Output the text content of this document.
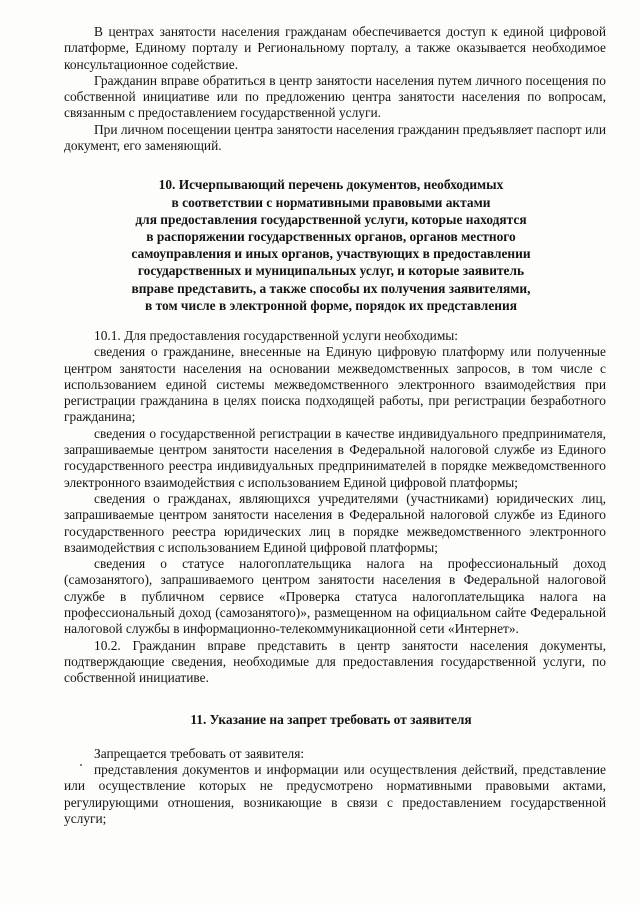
В центрах занятости населения гражданам обеспечивается доступ к единой цифровой платформе, Единому порталу и Региональному порталу, а также оказывается необходимое консультационное содействие.

Гражданин вправе обратиться в центр занятости населения путем личного посещения по собственной инициативе или по предложению центра занятости населения по вопросам, связанным с предоставлением государственной услуги.

При личном посещении центра занятости населения гражданин предъявляет паспорт или документ, его заменяющий.

10. Исчерпывающий перечень документов, необходимых
в соответствии с нормативными правовыми актами
для предоставления государственной услуги, которые находятся
в распоряжении государственных органов, органов местного
самоуправления и иных органов, участвующих в предоставлении
государственных и муниципальных услуг, и которые заявитель
вправе представить, а также способы их получения заявителями,
в том числе в электронной форме, порядок их представления

10.1. Для предоставления государственной услуги необходимы:

сведения о гражданине, внесенные на Единую цифровую платформу или полученные центром занятости населения на основании межведомственных запросов, в том числе с использованием единой системы межведомственного электронного взаимодействия при регистрации гражданина в целях поиска подходящей работы, при регистрации безработного гражданина;

сведения о государственной регистрации в качестве индивидуального предпринимателя, запрашиваемые центром занятости населения в Федеральной налоговой службе из Единого государственного реестра индивидуальных предпринимателей в порядке межведомственного электронного взаимодействия с использованием Единой цифровой платформы;

сведения о гражданах, являющихся учредителями (участниками) юридических лиц, запрашиваемые центром занятости населения в Федеральной налоговой службе из Единого государственного реестра юридических лиц в порядке межведомственного электронного взаимодействия с использованием Единой цифровой платформы;

сведения о статусе налогоплательщика налога на профессиональный доход (самозанятого), запрашиваемого центром занятости населения в Федеральной налоговой службе в публичном сервисе «Проверка статуса налогоплательщика налога на профессиональный доход (самозанятого)», размещенном на официальном сайте Федеральной налоговой службы в информационно-телекоммуникационной сети «Интернет».

10.2. Гражданин вправе представить в центр занятости населения документы, подтверждающие сведения, необходимые для предоставления государственной услуги, по собственной инициативе.

11. Указание на запрет требовать от заявителя

Запрещается требовать от заявителя:

представления документов и информации или осуществления действий, представление или осуществление которых не предусмотрено нормативными правовыми актами, регулирующими отношения, возникающие в связи с предоставлением государственной услуги;
